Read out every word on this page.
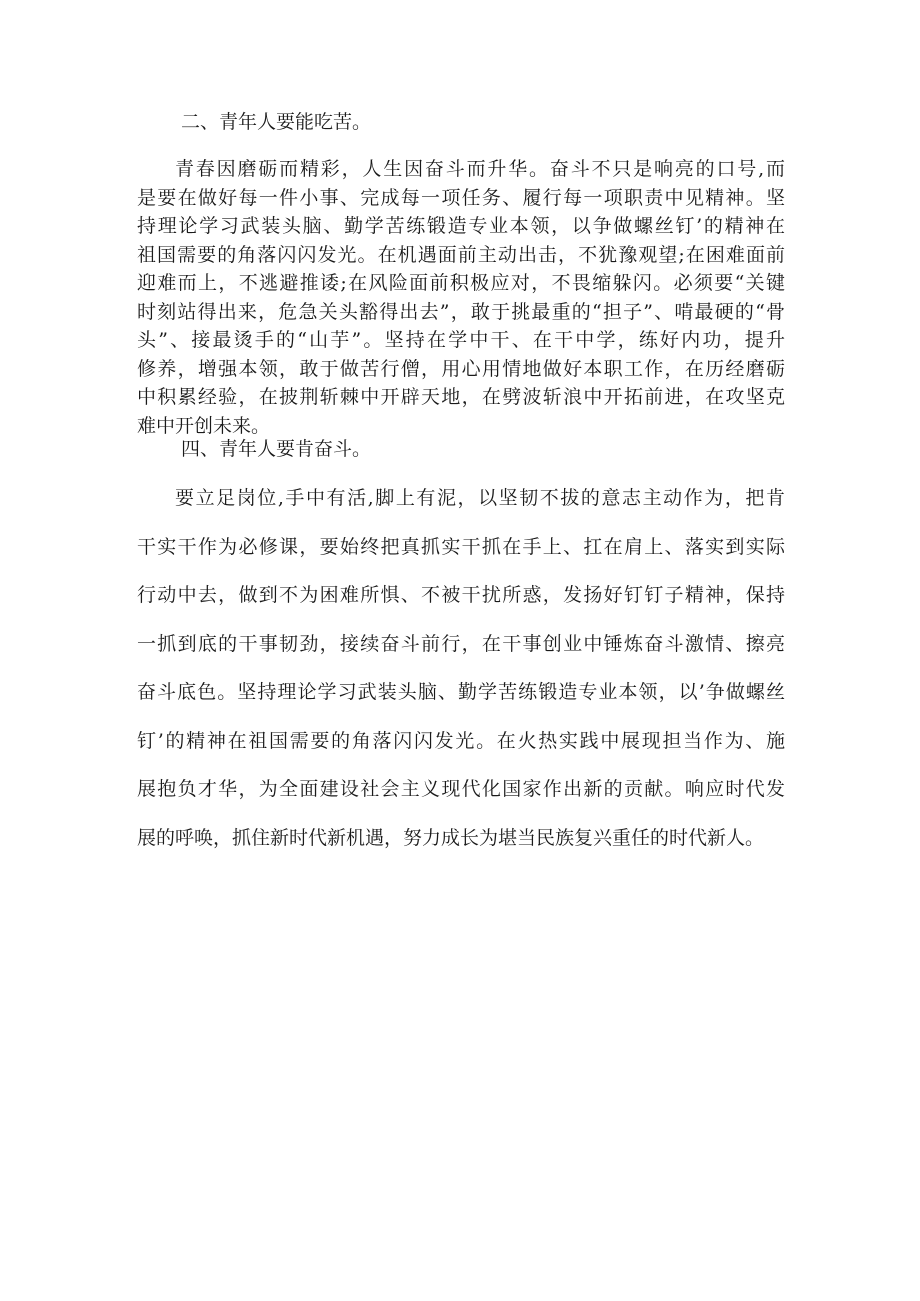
二、青年人要能吃苦。
青春因磨砺而精彩，人生因奋斗而升华。奋斗不只是响亮的口号,而
是要在做好每一件小事、完成每一项任务、履行每一项职责中见精神。坚
持理论学习武装头脑、勤学苦练锻造专业本领，以争做螺丝钉’的精神在
祖国需要的角落闪闪发光。在机遇面前主动出击，不犹豫观望;在困难面前
迎难而上，不逃避推诿;在风险面前积极应对，不畏缩躲闪。必须要“关键
时刻站得出来，危急关头豁得出去”，敢于挑最重的“担子”、啃最硬的“骨
头”、接最烫手的“山芋”。坚持在学中干、在干中学，练好内功，提升
修养，增强本领，敢于做苦行僧，用心用情地做好本职工作，在历经磨砺
中积累经验，在披荆斩棘中开辟天地，在劈波斩浪中开拓前进，在攻坚克
难中开创未来。
四、青年人要肯奋斗。
要立足岗位,手中有活,脚上有泥，以坚韧不拔的意志主动作为，把肯
干实干作为必修课，要始终把真抓实干抓在手上、扛在肩上、落实到实际
行动中去，做到不为困难所惧、不被干扰所惑，发扬好钉钉子精神，保持
一抓到底的干事韧劲，接续奋斗前行，在干事创业中锤炼奋斗激情、擦亮
奋斗底色。坚持理论学习武装头脑、勤学苦练锻造专业本领，以’争做螺丝
钉’的精神在祖国需要的角落闪闪发光。在火热实践中展现担当作为、施
展抱负才华，为全面建设社会主义现代化国家作出新的贡献。响应时代发
展的呼唤，抓住新时代新机遇，努力成长为堪当民族复兴重任的时代新人。
